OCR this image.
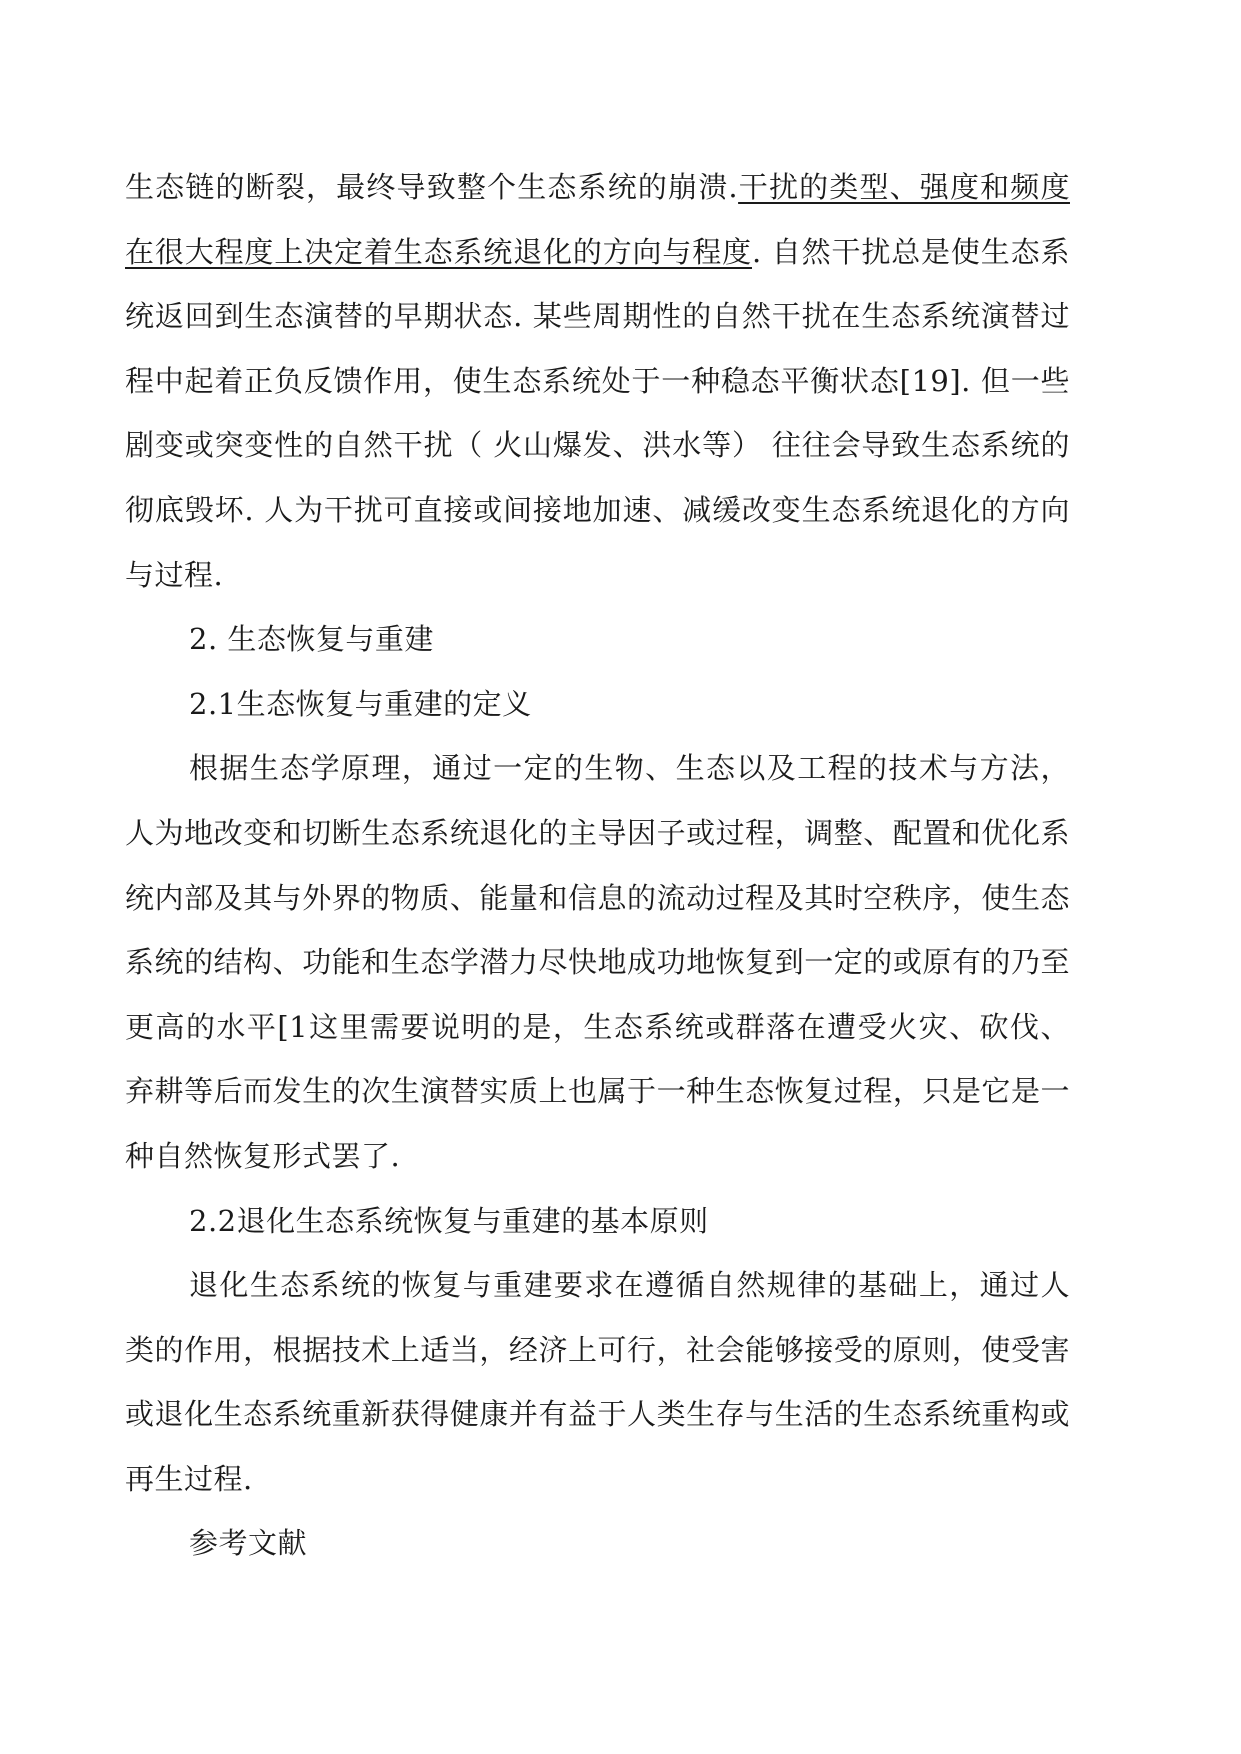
生态链的断裂，最终导致整个生态系统的崩溃.干扰的类型、强度和频度在很大程度上决定着生态系统退化的方向与程度. 自然干扰总是使生态系统返回到生态演替的早期状态. 某些周期性的自然干扰在生态系统演替过程中起着正负反馈作用，使生态系统处于一种稳态平衡状态[19]. 但一些剧变或突变性的自然干扰（ 火山爆发、洪水等） 往往会导致生态系统的彻底毁坏. 人为干扰可直接或间接地加速、减缓改变生态系统退化的方向与过程.

2. 生态恢复与重建

2.1生态恢复与重建的定义

根据生态学原理，通过一定的生物、生态以及工程的技术与方法，人为地改变和切断生态系统退化的主导因子或过程，调整、配置和优化系统内部及其与外界的物质、能量和信息的流动过程及其时空秩序，使生态系统的结构、功能和生态学潜力尽快地成功地恢复到一定的或原有的乃至更高的水平[1这里需要说明的是，生态系统或群落在遭受火灾、砍伐、弃耕等后而发生的次生演替实质上也属于一种生态恢复过程，只是它是一种自然恢复形式罢了.

2.2退化生态系统恢复与重建的基本原则

退化生态系统的恢复与重建要求在遵循自然规律的基础上，通过人类的作用，根据技术上适当，经济上可行，社会能够接受的原则，使受害或退化生态系统重新获得健康并有益于人类生存与生活的生态系统重构或再生过程.

参考文献
